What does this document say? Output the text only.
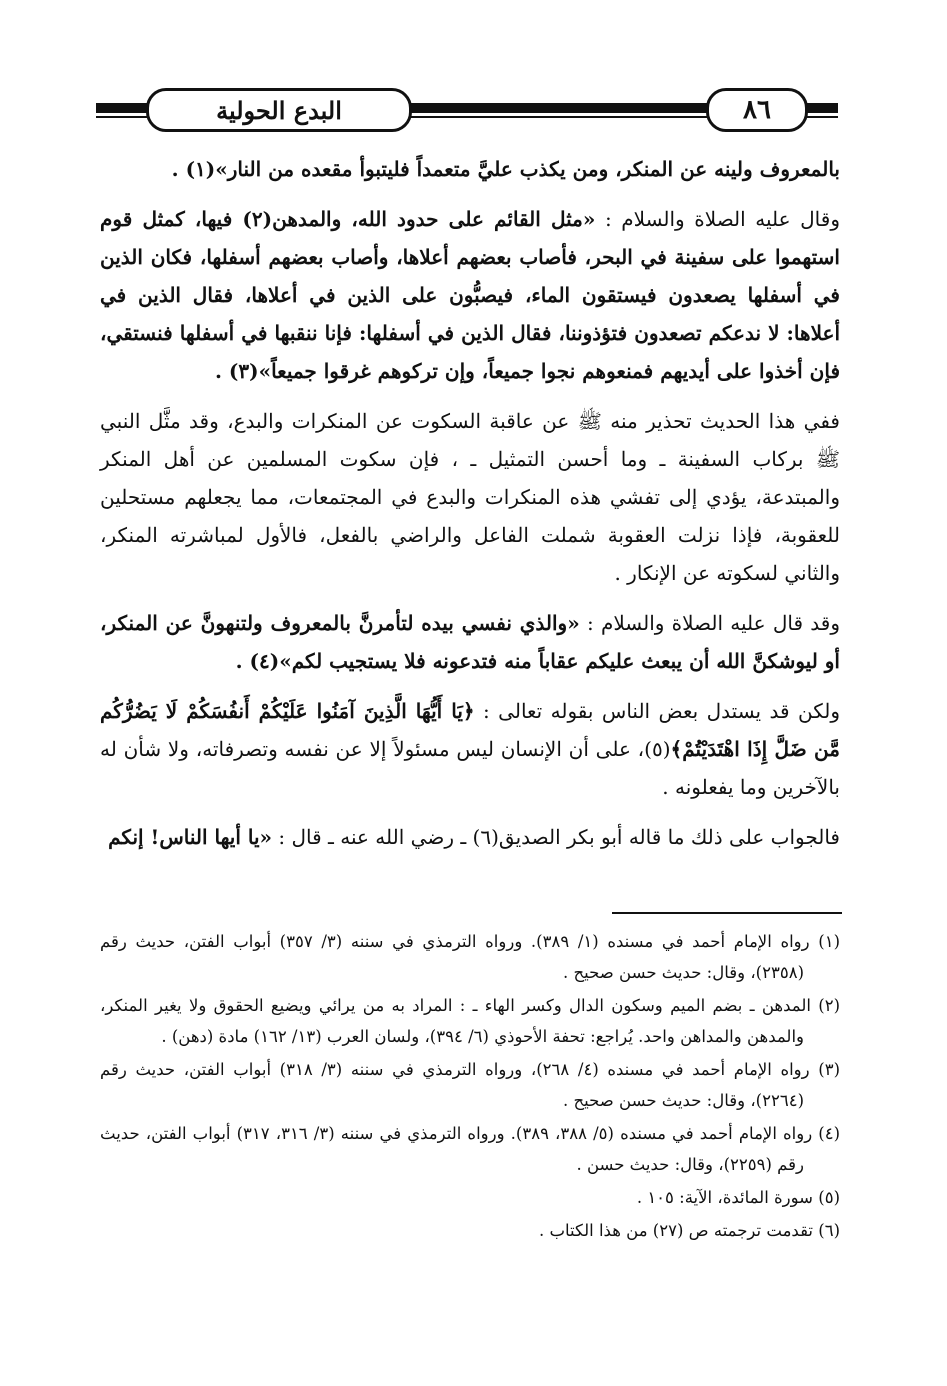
البدع الحولية	٨٦

بالمعروف ولينه عن المنكر، ومن يكذب عليَّ متعمداً فليتبوأ مقعده من النار»(١) .

وقال عليه الصلاة والسلام : «مثل القائم على حدود الله، والمدهن(٢) فيها، كمثل قوم استهموا على سفينة في البحر، فأصاب بعضهم أعلاها، وأصاب بعضهم أسفلها، فكان الذين في أسفلها يصعدون فيستقون الماء، فيصبُّون على الذين في أعلاها، فقال الذين في أعلاها: لا ندعكم تصعدون فتؤذوننا، فقال الذين في أسفلها: فإنا ننقبها في أسفلها فنستقي، فإن أخذوا على أيديهم فمنعوهم نجوا جميعاً، وإن تركوهم غرقوا جميعاً»(٣) .

ففي هذا الحديث تحذير منه ﷺ عن عاقبة السكوت عن المنكرات والبدع، وقد مثَّل النبي ﷺ بركاب السفينة ـ وما أحسن التمثيل ـ ، فإن سكوت المسلمين عن أهل المنكر والمبتدعة، يؤدي إلى تفشي هذه المنكرات والبدع في المجتمعات، مما يجعلهم مستحلين للعقوبة، فإذا نزلت العقوبة شملت الفاعل والراضي بالفعل، فالأول لمباشرته المنكر، والثاني لسكوته عن الإنكار .

وقد قال عليه الصلاة والسلام : «والذي نفسي بيده لتأمرنَّ بالمعروف ولتنهونَّ عن المنكر، أو ليوشكنَّ الله أن يبعث عليكم عقاباً منه فتدعونه فلا يستجيب لكم»(٤) .

ولكن قد يستدل بعض الناس بقوله تعالى : ﴿يَا أَيُّهَا الَّذِينَ آمَنُوا عَلَيْكُمْ أَنفُسَكُمْ لَا يَضُرُّكُم مَّن ضَلَّ إِذَا اهْتَدَيْتُمْ﴾(٥)، على أن الإنسان ليس مسئولاً إلا عن نفسه وتصرفاته، ولا شأن له بالآخرين وما يفعلونه .

فالجواب على ذلك ما قاله أبو بكر الصديق(٦) ـ رضي الله عنه ـ قال : «يا أيها الناس! إنكم

(١) رواه الإمام أحمد في مسنده (١/ ٣٨٩). ورواه الترمذي في سننه (٣/ ٣٥٧) أبواب الفتن، حديث رقم (٢٣٥٨)، وقال: حديث حسن صحيح .
(٢) المدهن ـ بضم الميم وسكون الدال وكسر الهاء ـ : المراد به من يرائي ويضيع الحقوق ولا يغير المنكر، والمدهن والمداهن واحد. يُراجع: تحفة الأحوذي (٦/ ٣٩٤)، ولسان العرب (١٣/ ١٦٢) مادة (دهن) .
(٣) رواه الإمام أحمد في مسنده (٤/ ٢٦٨)، ورواه الترمذي في سننه (٣/ ٣١٨) أبواب الفتن، حديث رقم (٢٢٦٤)، وقال: حديث حسن صحيح .
(٤) رواه الإمام أحمد في مسنده (٥/ ٣٨٨، ٣٨٩). ورواه الترمذي في سننه (٣/ ٣١٦، ٣١٧) أبواب الفتن، حديث رقم (٢٢٥٩)، وقال: حديث حسن .
(٥) سورة المائدة، الآية: ١٠٥ .
(٦) تقدمت ترجمته ص (٢٧) من هذا الكتاب .
